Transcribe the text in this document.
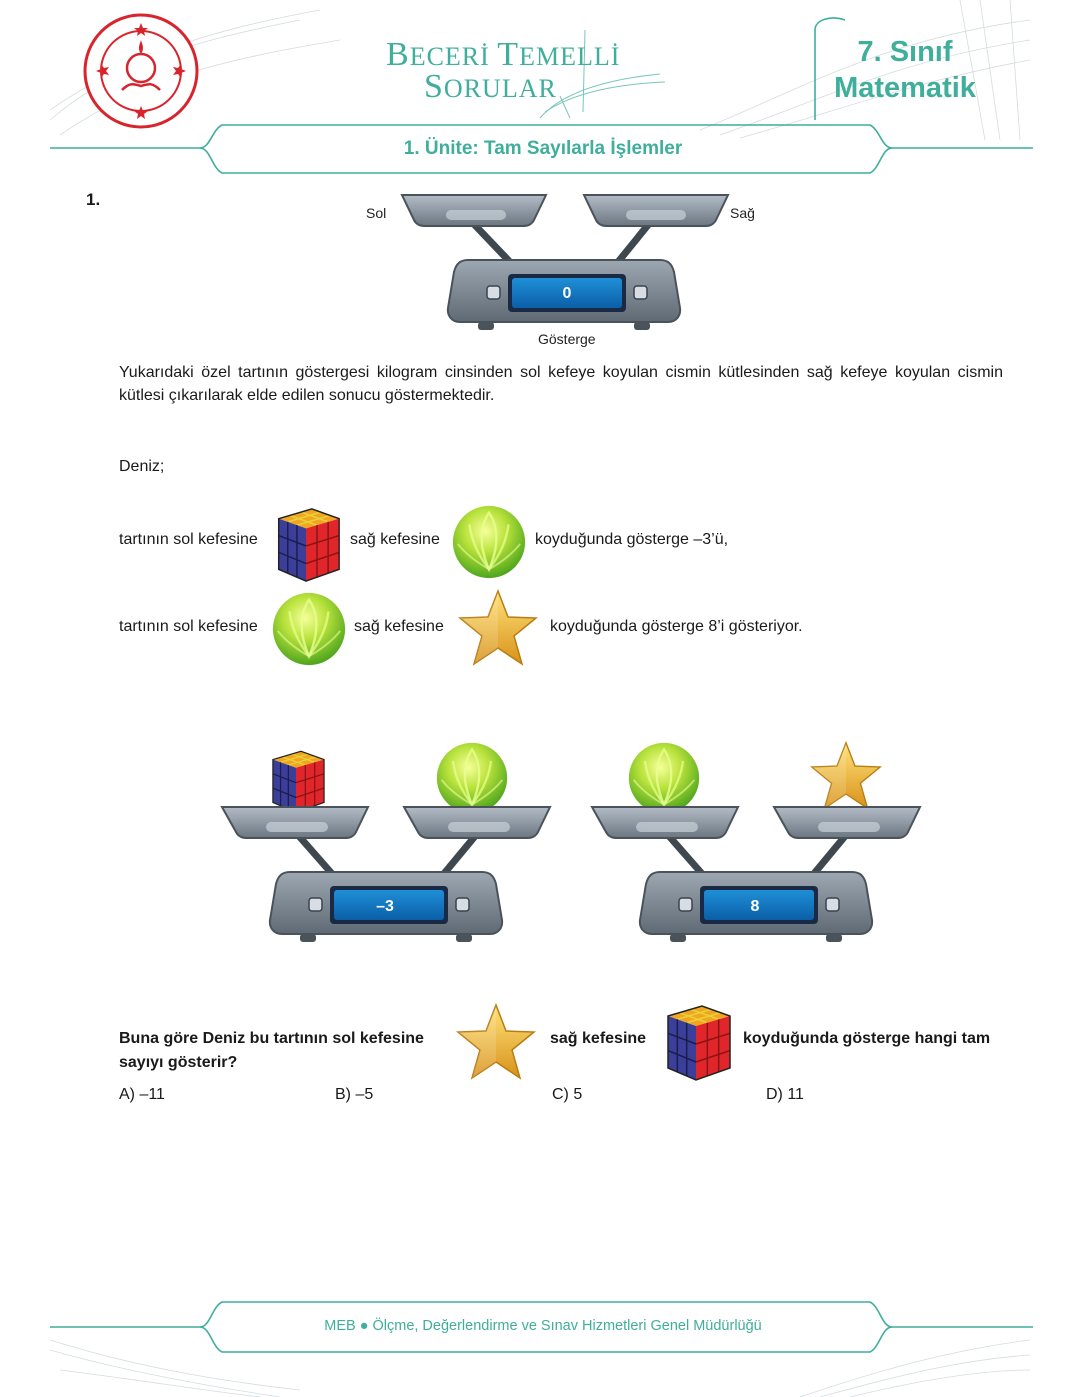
BECERİ TEMELLİ
SORULAR
7. Sınıf
Matematik
1. Ünite: Tam Sayılarla İşlemler
1.
Sol	Sağ
0
Gösterge

Yukarıdaki özel tartının göstergesi kilogram cinsinden sol kefeye koyulan cismin kütlesinden sağ kefeye koyulan cismin kütlesi çıkarılarak elde edilen sonucu göstermektedir.

Deniz;
tartının sol kefesine	sağ kefesine	koyduğunda gösterge –3’ü,
tartının sol kefesine	sağ kefesine	koyduğunda gösterge 8’i gösteriyor.
–3	8
Buna göre Deniz bu tartının sol kefesine	sağ kefesine	koyduğunda gösterge hangi tam
sayıyı gösterir?
A) –11	B) –5	C) 5	D) 11
MEB ● Ölçme, Değerlendirme ve Sınav Hizmetleri Genel Müdürlüğü
